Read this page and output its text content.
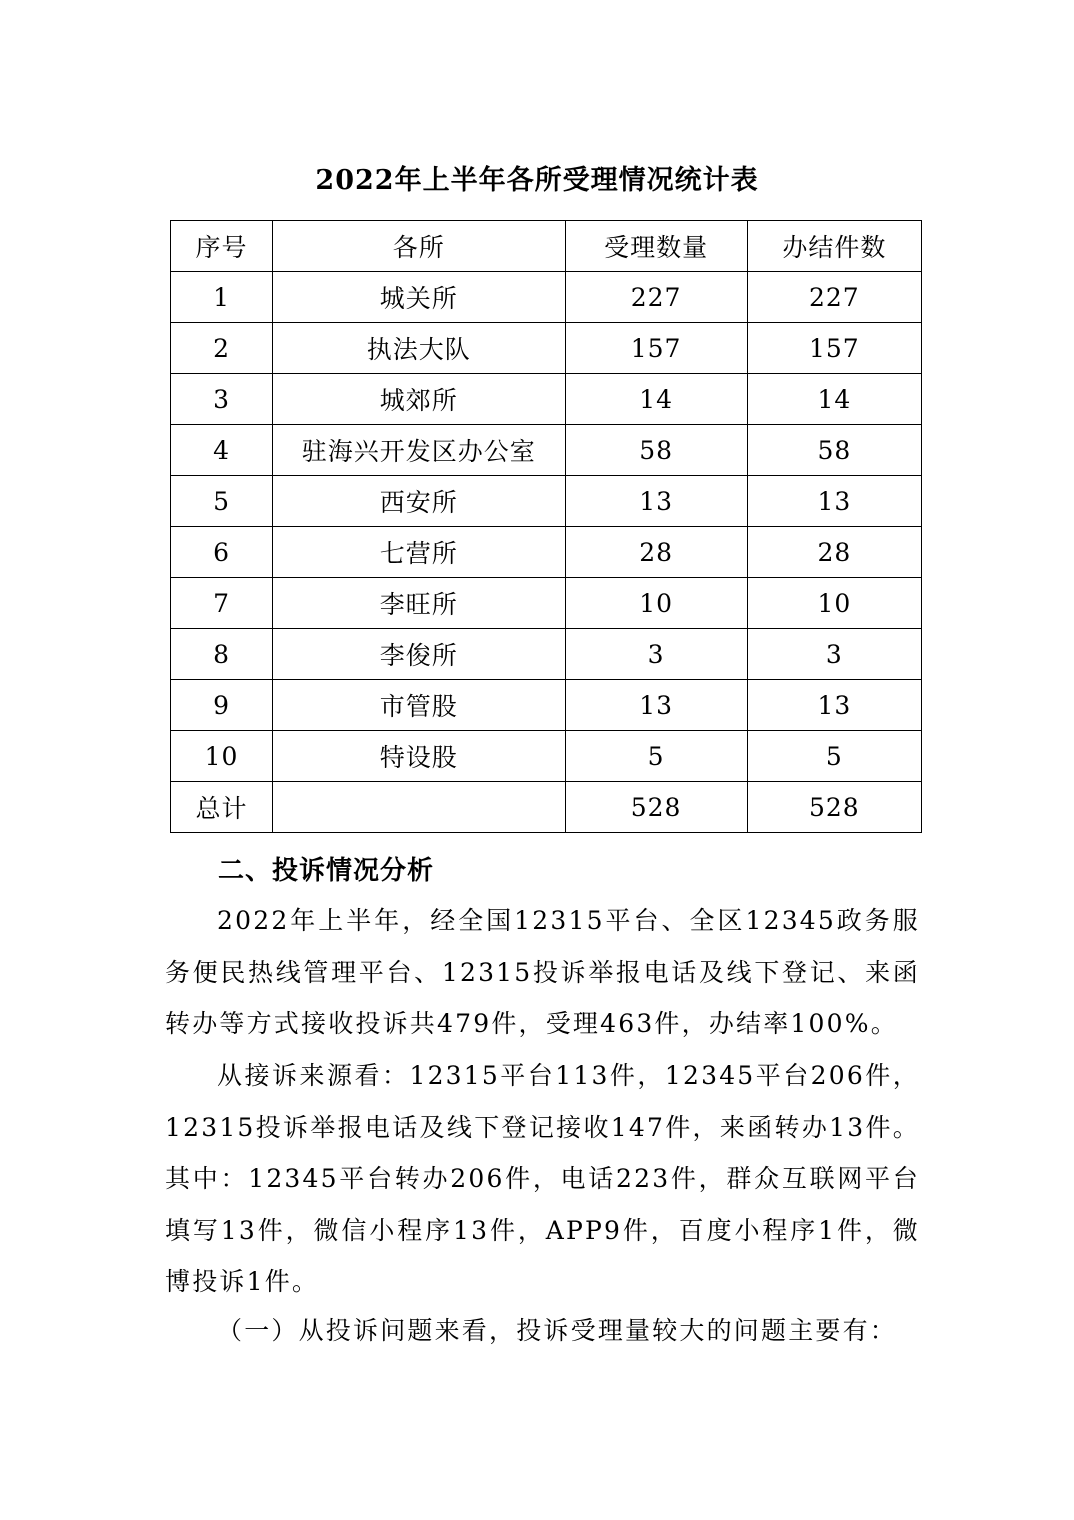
2022年上半年各所受理情况统计表
序号	各所	受理数量	办结件数
1	城关所	227	227
2	执法大队	157	157
3	城郊所	14	14
4	驻海兴开发区办公室	58	58
5	西安所	13	13
6	七营所	28	28
7	李旺所	10	10
8	李俊所	3	3
9	市管股	13	13
10	特设股	5	5
总计		528	528
二、投诉情况分析

2022年上半年，经全国12315平台、全区12345政务服务便民热线管理平台、12315投诉举报电话及线下登记、来函转办等方式接收投诉共479件，受理463件，办结率100%。

从接诉来源看：12315平台113件，12345平台206件，12315投诉举报电话及线下登记接收147件，来函转办13件。其中：12345平台转办206件，电话223件，群众互联网平台填写13件，微信小程序13件，APP9件，百度小程序1件，微博投诉1件。

（一）从投诉问题来看，投诉受理量较大的问题主要有：
